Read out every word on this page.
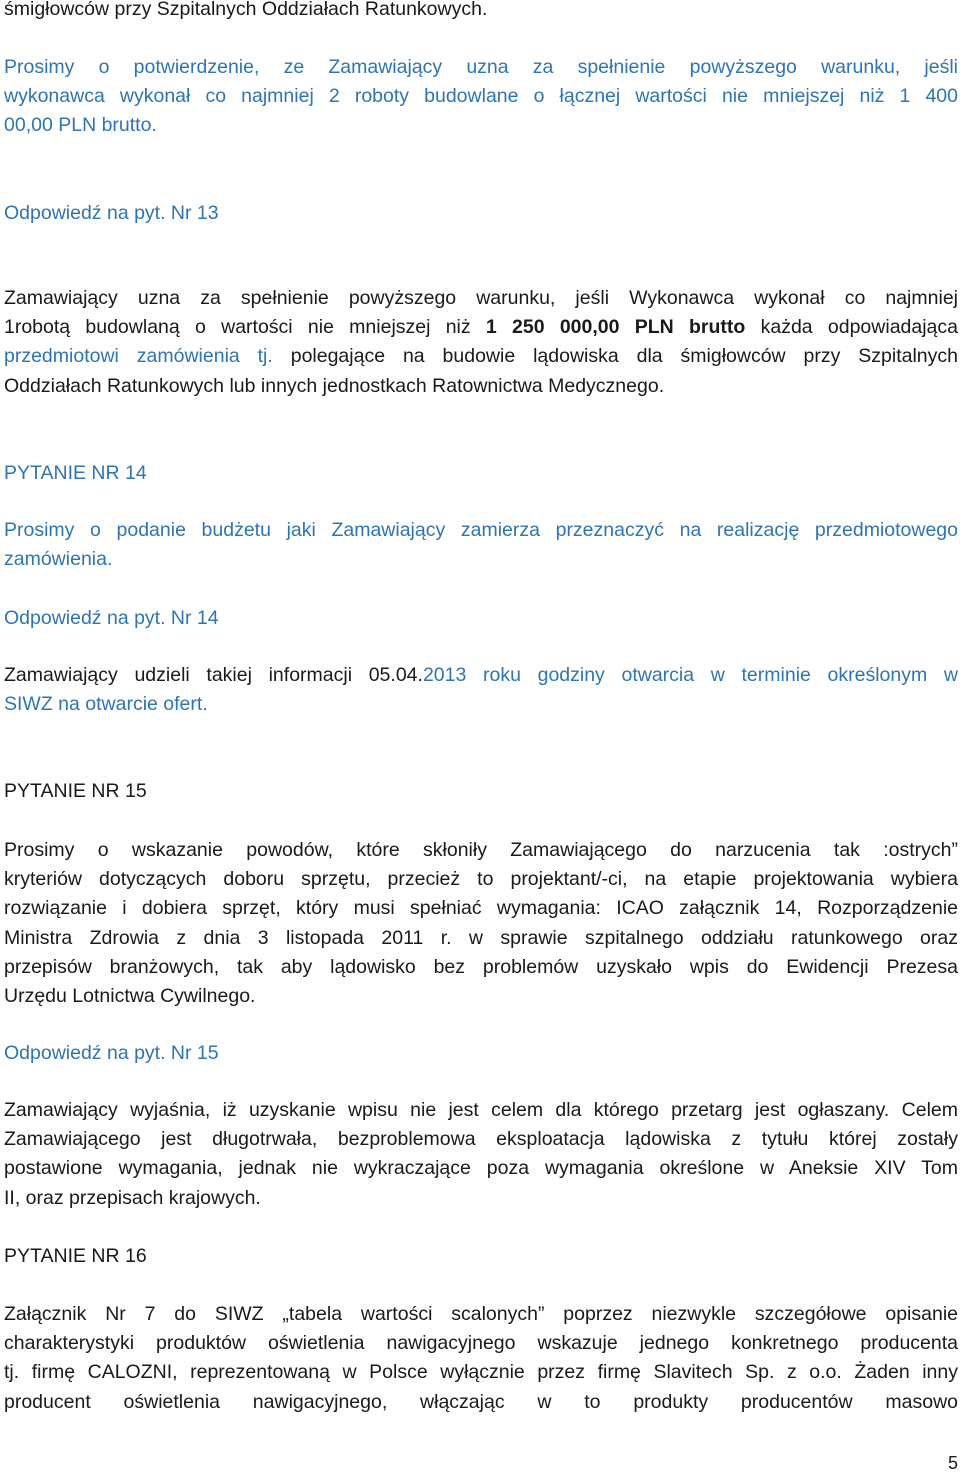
śmigłowców przy Szpitalnych Oddziałach Ratunkowych.

Prosimy o potwierdzenie, ze Zamawiający uzna za spełnienie powyższego warunku, jeśli
wykonawca wykonał co najmniej 2 roboty budowlane o łącznej wartości nie mniejszej niż 1 400
00,00 PLN brutto.

Odpowiedź na pyt. Nr 13

Zamawiający uzna za spełnienie powyższego warunku, jeśli Wykonawca wykonał co najmniej
1robotą budowlaną o wartości nie mniejszej niż 1 250 000,00 PLN brutto każda odpowiadająca
przedmiotowi zamówienia tj. polegające na budowie lądowiska dla śmigłowców przy Szpitalnych
Oddziałach Ratunkowych lub innych jednostkach Ratownictwa Medycznego.

PYTANIE NR 14

Prosimy o podanie budżetu jaki Zamawiający zamierza przeznaczyć na realizację przedmiotowego
zamówienia.

Odpowiedź na pyt. Nr 14

Zamawiający udzieli takiej informacji 05.04.2013 roku godziny otwarcia w terminie określonym w
SIWZ na otwarcie ofert.

PYTANIE NR 15

Prosimy o wskazanie powodów, które skłoniły Zamawiającego do narzucenia tak :ostrych”
kryteriów dotyczących doboru sprzętu, przecież to projektant/-ci, na etapie projektowania wybiera
rozwiązanie i dobiera sprzęt, który musi spełniać wymagania: ICAO załącznik 14, Rozporządzenie
Ministra Zdrowia z dnia 3 listopada 2011 r. w sprawie szpitalnego oddziału ratunkowego oraz
przepisów branżowych, tak aby lądowisko bez problemów uzyskało wpis do Ewidencji Prezesa
Urzędu Lotnictwa Cywilnego.

Odpowiedź na pyt. Nr 15

Zamawiający wyjaśnia, iż uzyskanie wpisu nie jest celem dla którego przetarg jest ogłaszany. Celem
Zamawiającego jest długotrwała, bezproblemowa eksploatacja lądowiska z tytułu której zostały
postawione wymagania, jednak nie wykraczające poza wymagania określone w Aneksie XIV Tom
II, oraz przepisach krajowych.

PYTANIE NR 16

Załącznik Nr 7 do SIWZ „tabela wartości scalonych” poprzez niezwykle szczegółowe opisanie
charakterystyki produktów oświetlenia nawigacyjnego wskazuje jednego konkretnego producenta
tj. firmę CALOZNI, reprezentowaną w Polsce wyłącznie przez firmę Slavitech Sp. z o.o. Żaden inny
producent oświetlenia nawigacyjnego, włączając w to produkty producentów masowo

5
